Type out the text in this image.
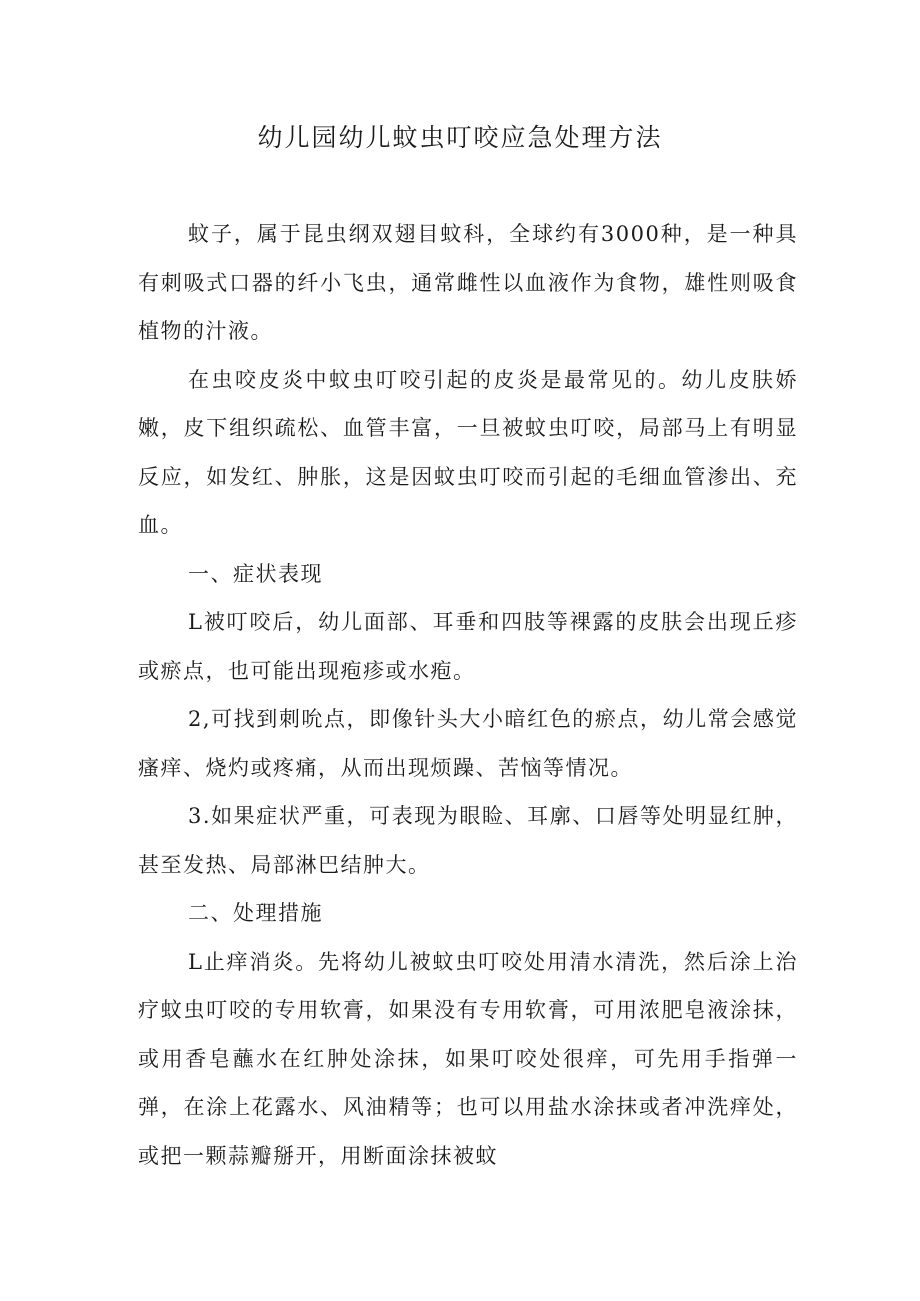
幼儿园幼儿蚊虫叮咬应急处理方法

蚊子，属于昆虫纲双翅目蚊科，全球约有3000种，是一种具有刺吸式口器的纤小飞虫，通常雌性以血液作为食物，雄性则吸食植物的汁液。

在虫咬皮炎中蚊虫叮咬引起的皮炎是最常见的。幼儿皮肤娇嫩，皮下组织疏松、血管丰富，一旦被蚊虫叮咬，局部马上有明显反应，如发红、肿胀，这是因蚊虫叮咬而引起的毛细血管渗出、充血。

一、症状表现

L被叮咬后，幼儿面部、耳垂和四肢等裸露的皮肤会出现丘疹或瘀点，也可能出现疱疹或水疱。

2,可找到刺吮点，即像针头大小暗红色的瘀点，幼儿常会感觉瘙痒、烧灼或疼痛，从而出现烦躁、苦恼等情况。

3.如果症状严重，可表现为眼睑、耳廓、口唇等处明显红肿，甚至发热、局部淋巴结肿大。

二、处理措施

L止痒消炎。先将幼儿被蚊虫叮咬处用清水清洗，然后涂上治疗蚊虫叮咬的专用软膏，如果没有专用软膏，可用浓肥皂液涂抹，或用香皂蘸水在红肿处涂抹，如果叮咬处很痒，可先用手指弹一弹，在涂上花露水、风油精等；也可以用盐水涂抹或者冲洗痒处，或把一颗蒜瓣掰开，用断面涂抹被蚊
